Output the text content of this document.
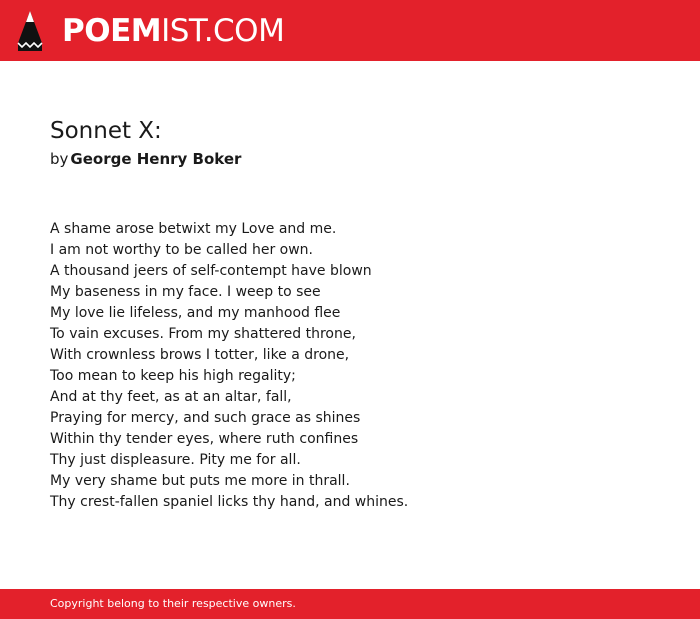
POEMIST.COM
Sonnet X:
by George Henry Boker
A shame arose betwixt my Love and me.
I am not worthy to be called her own.
A thousand jeers of self-contempt have blown
My baseness in my face. I weep to see
My love lie lifeless, and my manhood flee
To vain excuses. From my shattered throne,
With crownless brows I totter, like a drone,
Too mean to keep his high regality;
And at thy feet, as at an altar, fall,
Praying for mercy, and such grace as shines
Within thy tender eyes, where ruth confines
Thy just displeasure. Pity me for all.
My very shame but puts me more in thrall.
Thy crest-fallen spaniel licks thy hand, and whines.
Copyright belong to their respective owners.
